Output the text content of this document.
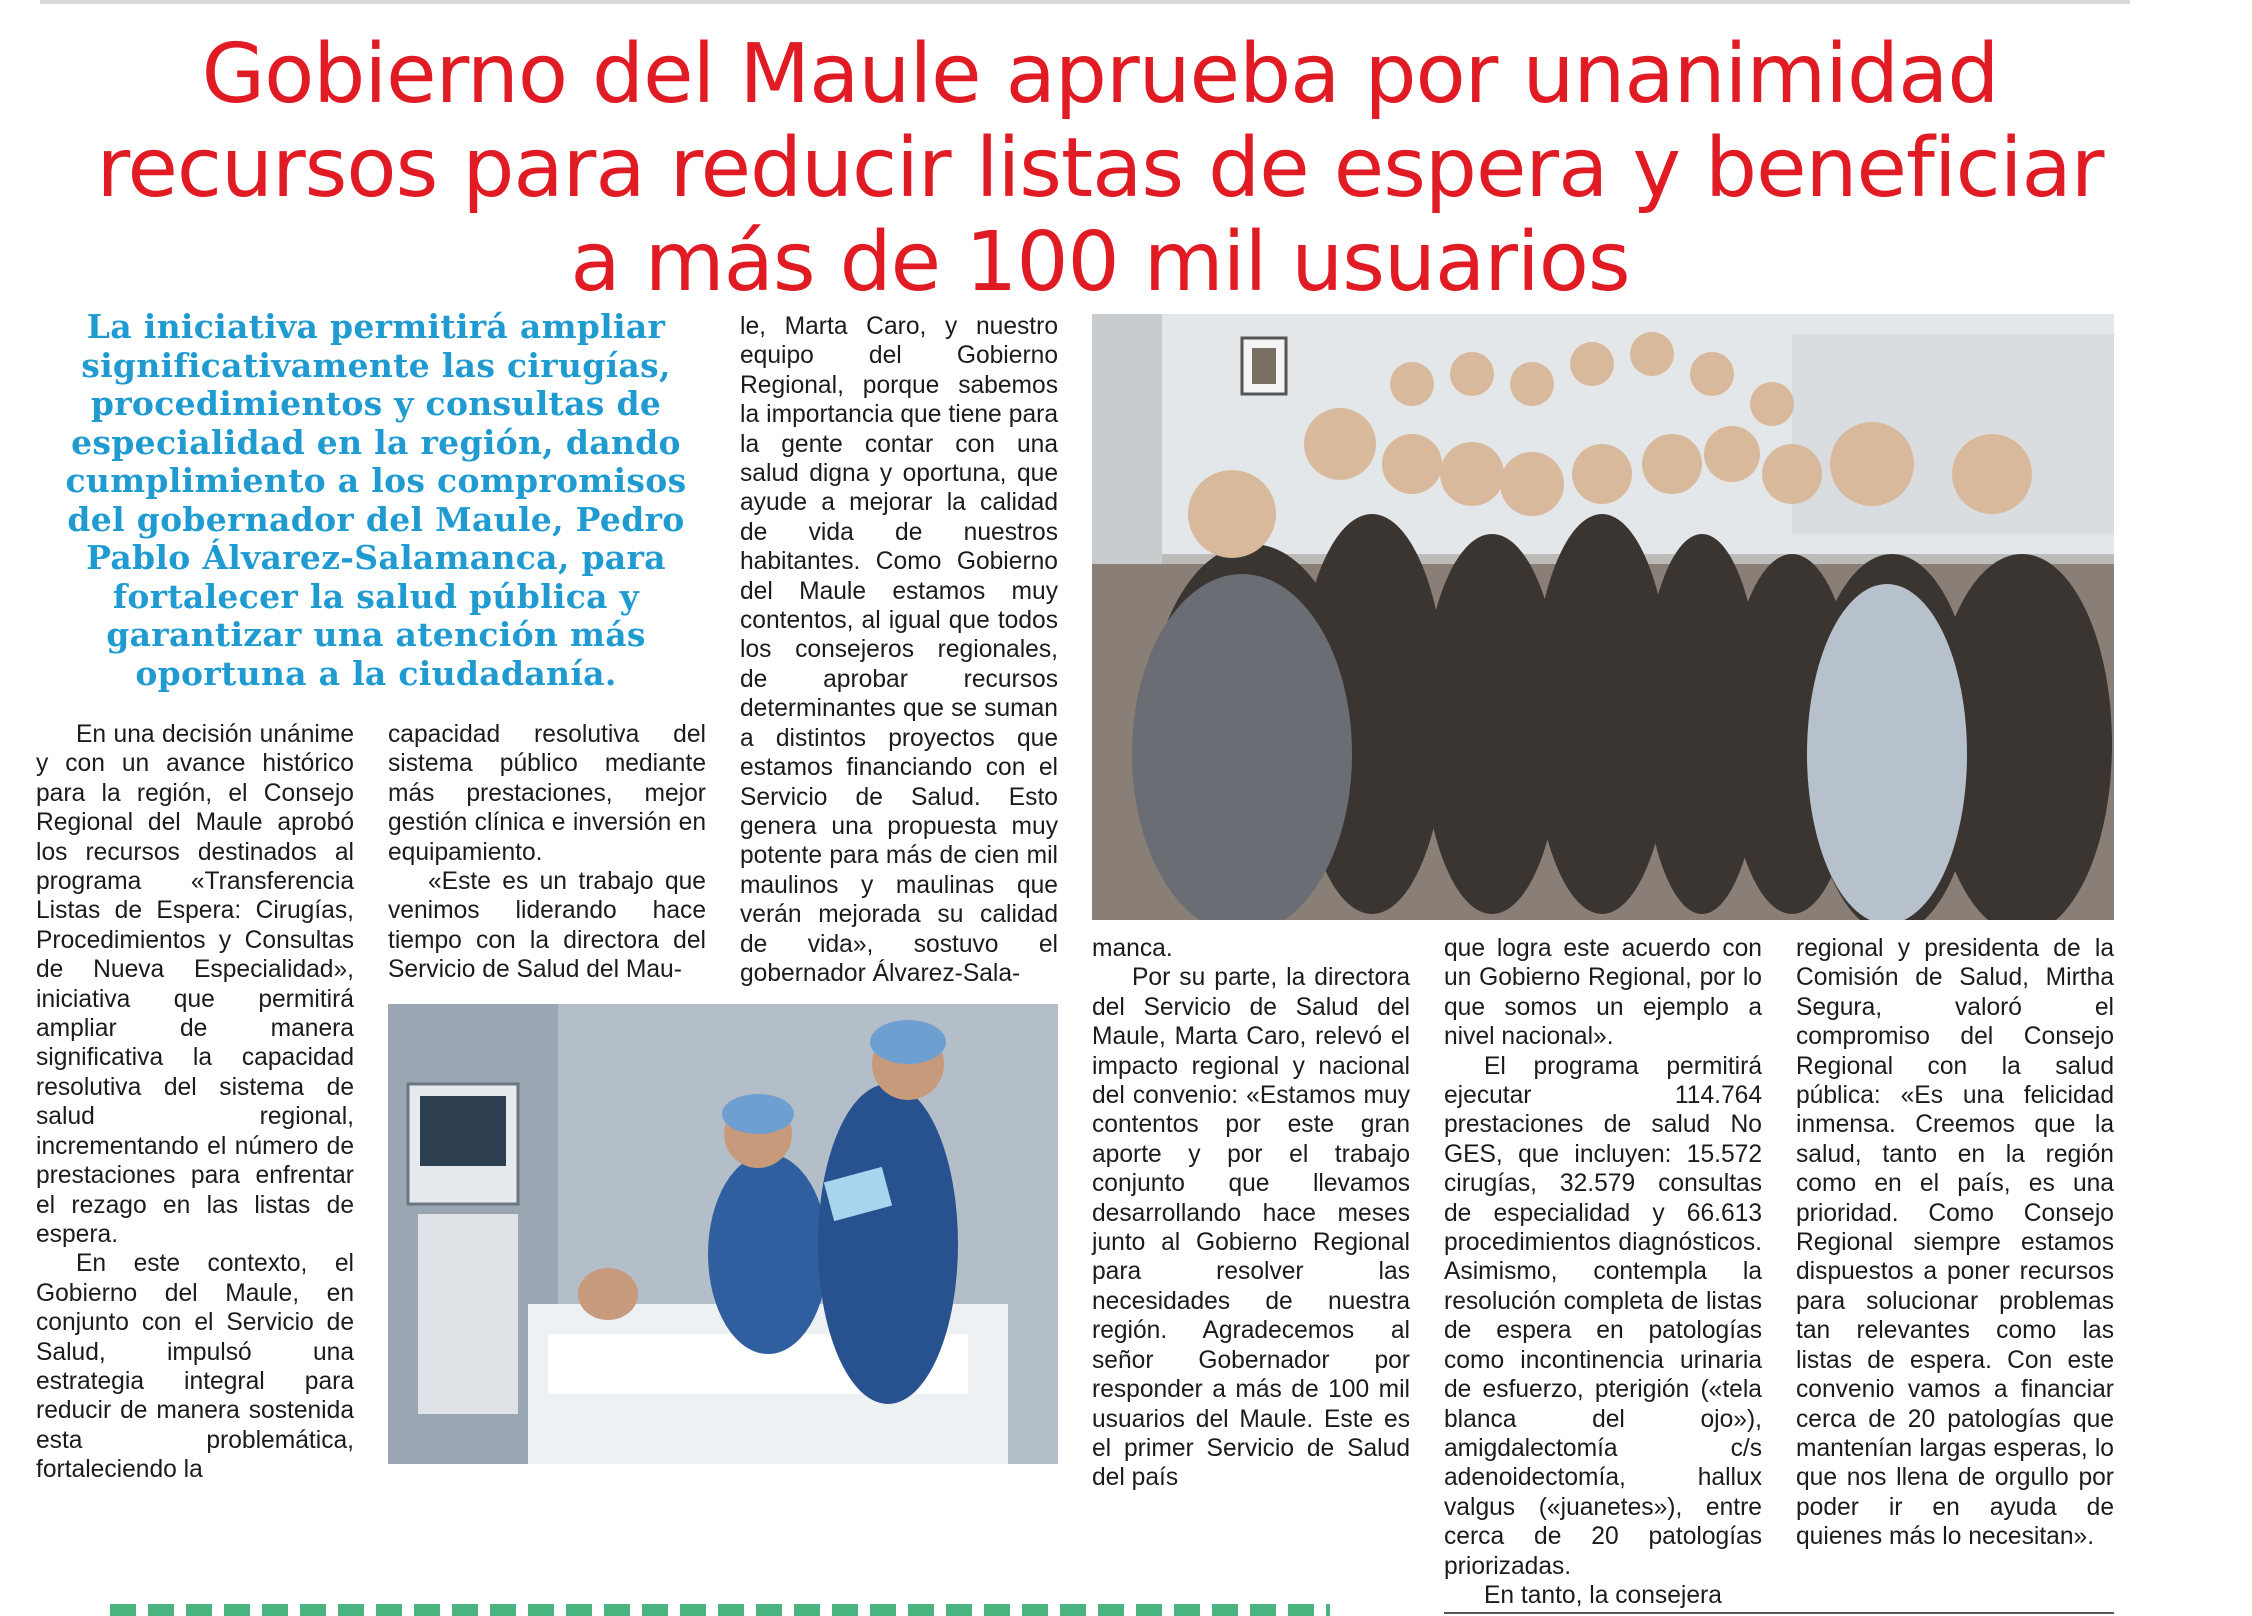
Gobierno del Maule aprueba por unanimidad recursos para reducir listas de espera y beneficiar a más de 100 mil usuarios
La iniciativa permitirá ampliar significativamente las cirugías, procedimientos y consultas de especialidad en la región, dando cumplimiento a los compromisos del gobernador del Maule, Pedro Pablo Álvarez-Salamanca, para fortalecer la salud pública y garantizar una atención más oportuna a la ciudadanía.

En una decisión unánime y con un avance histórico para la región, el Consejo Regional del Maule aprobó los recursos destinados al programa «Transferencia Listas de Espera: Cirugías, Procedimientos y Consultas de Nueva Especialidad», iniciativa que permitirá ampliar de manera significativa la capacidad resolutiva del sistema de salud regional, incrementando el número de prestaciones para enfrentar el rezago en las listas de espera.

En este contexto, el Gobierno del Maule, en conjunto con el Servicio de Salud, impulsó una estrategia integral para reducir de manera sostenida esta problemática, fortaleciendo la

capacidad resolutiva del sistema público mediante más prestaciones, mejor gestión clínica e inversión en equipamiento.

«Este es un trabajo que venimos liderando hace tiempo con la directora del Servicio de Salud del Mau-

le, Marta Caro, y nuestro equipo del Gobierno Regional, porque sabemos la importancia que tiene para la gente contar con una salud digna y oportuna, que ayude a mejorar la calidad de vida de nuestros habitantes. Como Gobierno del Maule estamos muy contentos, al igual que todos los consejeros regionales, de aprobar recursos determinantes que se suman a distintos proyectos que estamos financiando con el Servicio de Salud. Esto genera una propuesta muy potente para más de cien mil maulinos y maulinas que verán mejorada su calidad de vida», sostuvo el gobernador Álvarez-Sala-

manca.

Por su parte, la directora del Servicio de Salud del Maule, Marta Caro, relevó el impacto regional y nacional del convenio: «Estamos muy contentos por este gran aporte y por el trabajo conjunto que llevamos desarrollando hace meses junto al Gobierno Regional para resolver las necesidades de nuestra región. Agradecemos al señor Gobernador por responder a más de 100 mil usuarios del Maule. Este es el primer Servicio de Salud del país

que logra este acuerdo con un Gobierno Regional, por lo que somos un ejemplo a nivel nacional».

El programa permitirá ejecutar 114.764 prestaciones de salud No GES, que incluyen: 15.572 cirugías, 32.579 consultas de especialidad y 66.613 procedimientos diagnósticos. Asimismo, contempla la resolución completa de listas de espera en patologías como incontinencia urinaria de esfuerzo, pterigión («tela blanca del ojo»), amigdalectomía c/s adenoidectomía, hallux valgus («juanetes»), entre cerca de 20 patologías priorizadas.

En tanto, la consejera

regional y presidenta de la Comisión de Salud, Mirtha Segura, valoró el compromiso del Consejo Regional con la salud pública: «Es una felicidad inmensa. Creemos que la salud, tanto en la región como en el país, es una prioridad. Como Consejo Regional siempre estamos dispuestos a poner recursos para solucionar problemas tan relevantes como las listas de espera. Con este convenio vamos a financiar cerca de 20 patologías que mantenían largas esperas, lo que nos llena de orgullo por poder ir en ayuda de quienes más lo necesitan».
